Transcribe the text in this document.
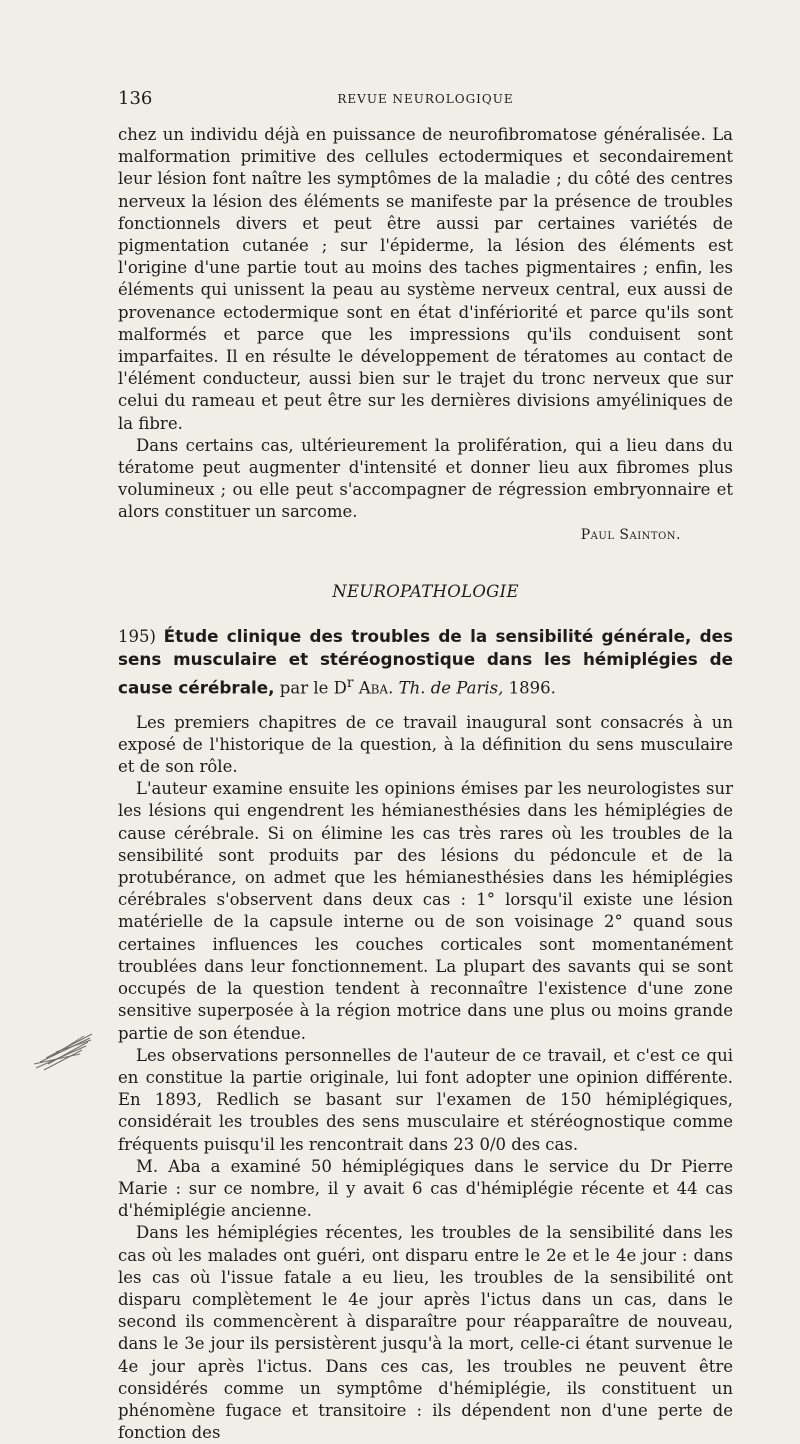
136	REVUE NEUROLOGIQUE

chez un individu déjà en puissance de neurofibromatose généralisée. La malformation primitive des cellules ectodermiques et secondairement leur lésion font naître les symptômes de la maladie ; du côté des centres nerveux la lésion des éléments se manifeste par la présence de troubles fonctionnels divers et peut être aussi par certaines variétés de pigmentation cutanée ; sur l'épiderme, la lésion des éléments est l'origine d'une partie tout au moins des taches pigmentaires ; enfin, les éléments qui unissent la peau au système nerveux central, eux aussi de provenance ectodermique sont en état d'infériorité et parce qu'ils sont malformés et parce que les impressions qu'ils conduisent sont imparfaites. Il en résulte le développement de tératomes au contact de l'élément conducteur, aussi bien sur le trajet du tronc nerveux que sur celui du rameau et peut être sur les dernières divisions amyéliniques de la fibre.

Dans certains cas, ultérieurement la prolifération, qui a lieu dans du tératome peut augmenter d'intensité et donner lieu aux fibromes plus volumineux ; ou elle peut s'accompagner de régression embryonnaire et alors constituer un sarcome.

Paul Sainton.
NEUROPATHOLOGIE

195) Étude clinique des troubles de la sensibilité générale, des sens musculaire et stéréognostique dans les hémiplégies de cause cérébrale, par le $D^r$ Aba. Th. de Paris, 1896.

Les premiers chapitres de ce travail inaugural sont consacrés à un exposé de l'historique de la question, à la définition du sens musculaire et de son rôle.

L'auteur examine ensuite les opinions émises par les neurologistes sur les lésions qui engendrent les hémianesthésies dans les hémiplégies de cause cérébrale. Si on élimine les cas très rares où les troubles de la sensibilité sont produits par des lésions du pédoncule et de la protubérance, on admet que les hémianesthésies dans les hémiplégies cérébrales s'observent dans deux cas : 1° lorsqu'il existe une lésion matérielle de la capsule interne ou de son voisinage 2° quand sous certaines influences les couches corticales sont momentanément troublées dans leur fonctionnement. La plupart des savants qui se sont occupés de la question tendent à reconnaître l'existence d'une zone sensitive superposée à la région motrice dans une plus ou moins grande partie de son étendue.

Les observations personnelles de l'auteur de ce travail, et c'est ce qui en constitue la partie originale, lui font adopter une opinion différente. En 1893, Redlich se basant sur l'examen de 150 hémiplégiques, considérait les troubles des sens musculaire et stéréognostique comme fréquents puisqu'il les rencontrait dans 23 0/0 des cas.

M. Aba a examiné 50 hémiplégiques dans le service du Dr Pierre Marie : sur ce nombre, il y avait 6 cas d'hémiplégie récente et 44 cas d'hémiplégie ancienne.

Dans les hémiplégies récentes, les troubles de la sensibilité dans les cas où les malades ont guéri, ont disparu entre le 2e et le 4e jour : dans les cas où l'issue fatale a eu lieu, les troubles de la sensibilité ont disparu complètement le 4e jour après l'ictus dans un cas, dans le second ils commencèrent à disparaître pour réapparaître de nouveau, dans le 3e jour ils persistèrent jusqu'à la mort, celle-ci étant survenue le 4e jour après l'ictus. Dans ces cas, les troubles ne peuvent être considérés comme un symptôme d'hémiplégie, ils constituent un phénomène fugace et transitoire : ils dépendent non d'une perte de fonction des
